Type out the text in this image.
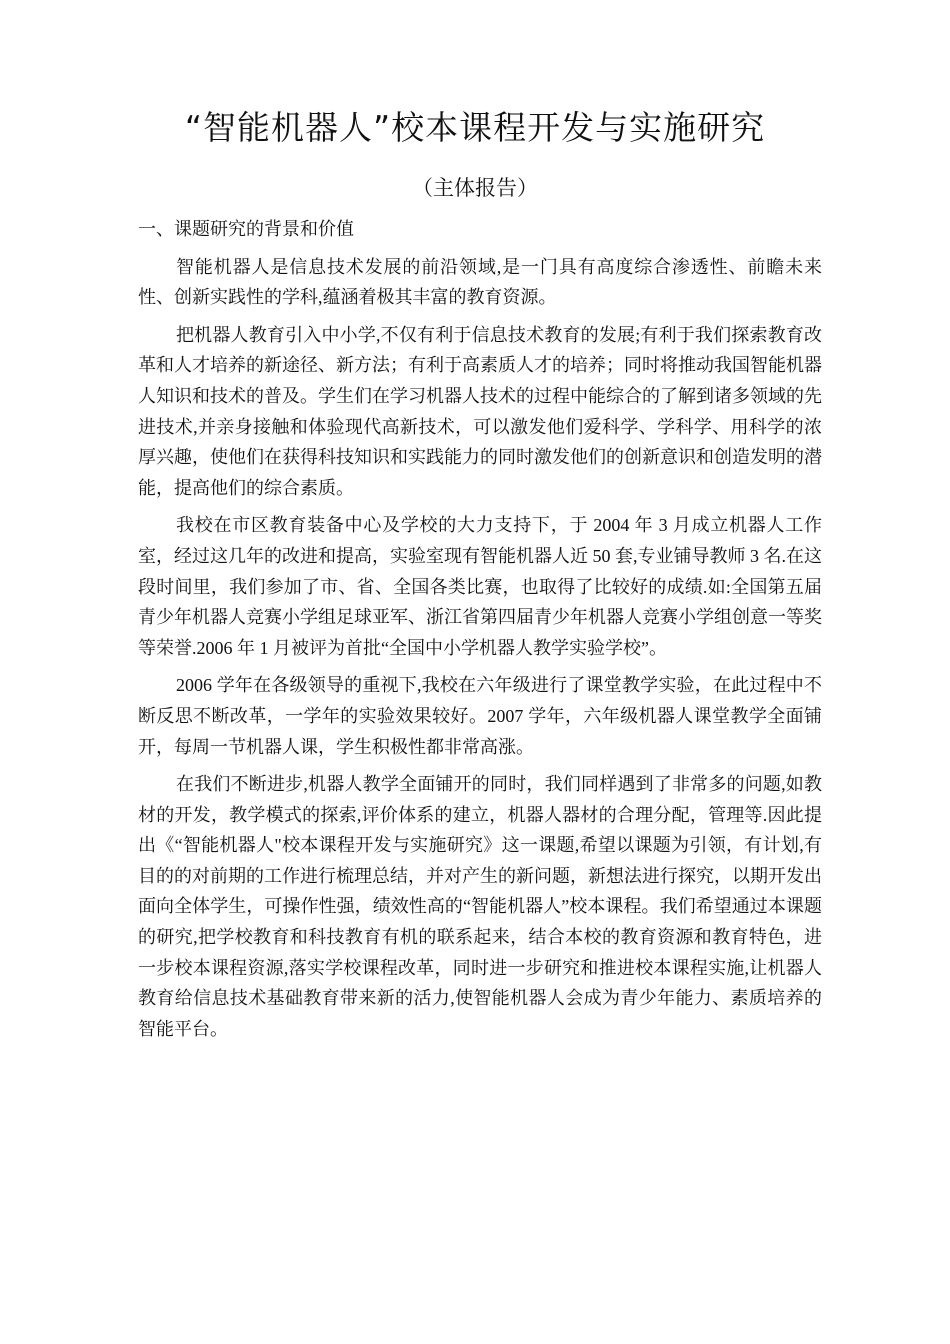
“智能机器人”校本课程开发与实施研究
（主体报告）

一、课题研究的背景和价值

智能机器人是信息技术发展的前沿领域,是一门具有高度综合渗透性、前瞻未来性、创新实践性的学科,蕴涵着极其丰富的教育资源。

把机器人教育引入中小学,不仅有利于信息技术教育的发展;有利于我们探索教育改革和人才培养的新途径、新方法；有利于高素质人才的培养；同时将推动我国智能机器人知识和技术的普及。学生们在学习机器人技术的过程中能综合的了解到诸多领域的先进技术,并亲身接触和体验现代高新技术，可以激发他们爱科学、学科学、用科学的浓厚兴趣，使他们在获得科技知识和实践能力的同时激发他们的创新意识和创造发明的潜能，提高他们的综合素质。

我校在市区教育装备中心及学校的大力支持下，于 2004 年 3 月成立机器人工作室，经过这几年的改进和提高，实验室现有智能机器人近 50 套,专业铺导教师 3 名.在这段时间里，我们参加了市、省、全国各类比赛，也取得了比较好的成绩.如:全国第五届青少年机器人竞赛小学组足球亚军、浙江省第四届青少年机器人竞赛小学组创意一等奖等荣誉.2006 年 1 月被评为首批“全国中小学机器人教学实验学校”。

2006 学年在各级领导的重视下,我校在六年级进行了课堂教学实验，在此过程中不断反思不断改革，一学年的实验效果较好。2007 学年，六年级机器人课堂教学全面铺开，每周一节机器人课，学生积极性都非常高涨。

在我们不断进步,机器人教学全面铺开的同时，我们同样遇到了非常多的问题,如教材的开发，教学模式的探索,评价体系的建立，机器人器材的合理分配，管理等.因此提出《“智能机器人"校本课程开发与实施研究》这一课题,希望以课题为引领，有计划,有目的的对前期的工作进行梳理总结，并对产生的新问题，新想法进行探究，以期开发出面向全体学生，可操作性强，绩效性高的“智能机器人”校本课程。我们希望通过本课题的研究,把学校教育和科技教育有机的联系起来，结合本校的教育资源和教育特色，进一步校本课程资源,落实学校课程改革，同时进一步研究和推进校本课程实施,让机器人教育给信息技术基础教育带来新的活力,使智能机器人会成为青少年能力、素质培养的智能平台。
